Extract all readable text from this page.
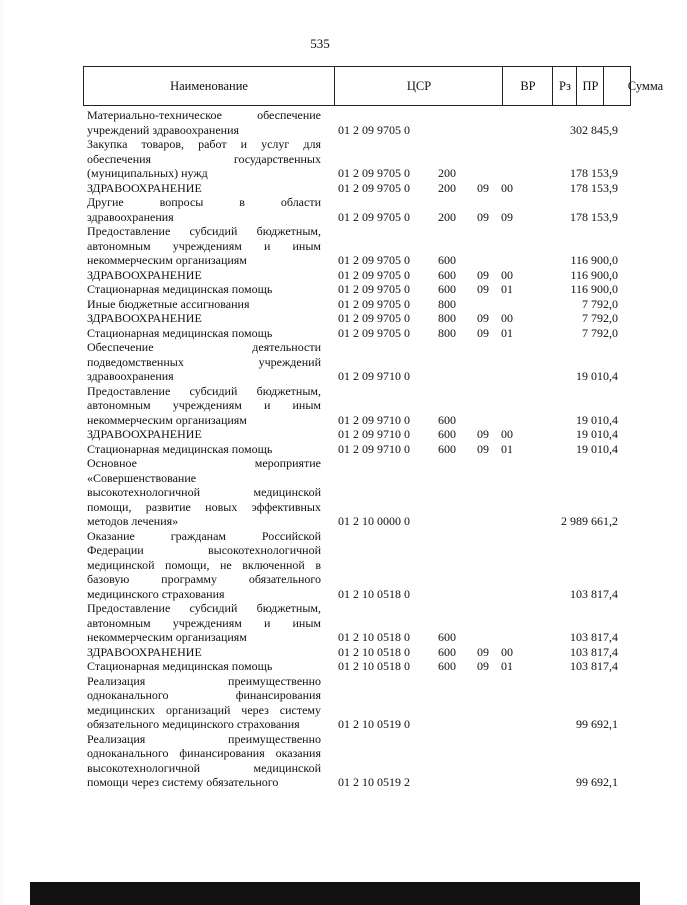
535
Наименование	ЦСР	ВР	Рз ПР	Сумма
Материально-техническое обеспечение
учреждений здравоохранения	01 2 09 9705 0	302 845,9
Закупка товаров, работ и услуг для
обеспечения государственных
(муниципальных) нужд	01 2 09 9705 0 200	178 153,9
ЗДРАВООХРАНЕНИЕ	01 2 09 9705 0 200 09 00	178 153,9
Другие вопросы в области
здравоохранения	01 2 09 9705 0 200 09 09	178 153,9
Предоставление субсидий бюджетным,
автономным учреждениям и иным
некоммерческим организациям	01 2 09 9705 0 600	116 900,0
ЗДРАВООХРАНЕНИЕ	01 2 09 9705 0 600 09 00	116 900,0
Стационарная медицинская помощь	01 2 09 9705 0 600 09 01	116 900,0
Иные бюджетные ассигнования	01 2 09 9705 0 800	7 792,0
ЗДРАВООХРАНЕНИЕ	01 2 09 9705 0 800 09 00	7 792,0
Стационарная медицинская помощь	01 2 09 9705 0 800 09 01	7 792,0
Обеспечение деятельности
подведомственных учреждений
здравоохранения	01 2 09 9710 0	19 010,4
Предоставление субсидий бюджетным,
автономным учреждениям и иным
некоммерческим организациям	01 2 09 9710 0 600	19 010,4
ЗДРАВООХРАНЕНИЕ	01 2 09 9710 0 600 09 00	19 010,4
Стационарная медицинская помощь	01 2 09 9710 0 600 09 01	19 010,4
Основное мероприятие
«Совершенствование
высокотехнологичной медицинской
помощи, развитие новых эффективных
методов лечения»	01 2 10 0000 0	2 989 661,2
Оказание гражданам Российской
Федерации высокотехнологичной
медицинской помощи, не включенной в
базовую программу обязательного
медицинского страхования	01 2 10 0518 0	103 817,4
Предоставление субсидий бюджетным,
автономным учреждениям и иным
некоммерческим организациям	01 2 10 0518 0 600	103 817,4
ЗДРАВООХРАНЕНИЕ	01 2 10 0518 0 600 09 00	103 817,4
Стационарная медицинская помощь	01 2 10 0518 0 600 09 01	103 817,4
Реализация преимущественно
одноканального финансирования
медицинских организаций через систему
обязательного медицинского страхования	01 2 10 0519 0	99 692,1
Реализация преимущественно
одноканального финансирования оказания
высокотехнологичной медицинской
помощи через систему обязательного	01 2 10 0519 2	99 692,1
